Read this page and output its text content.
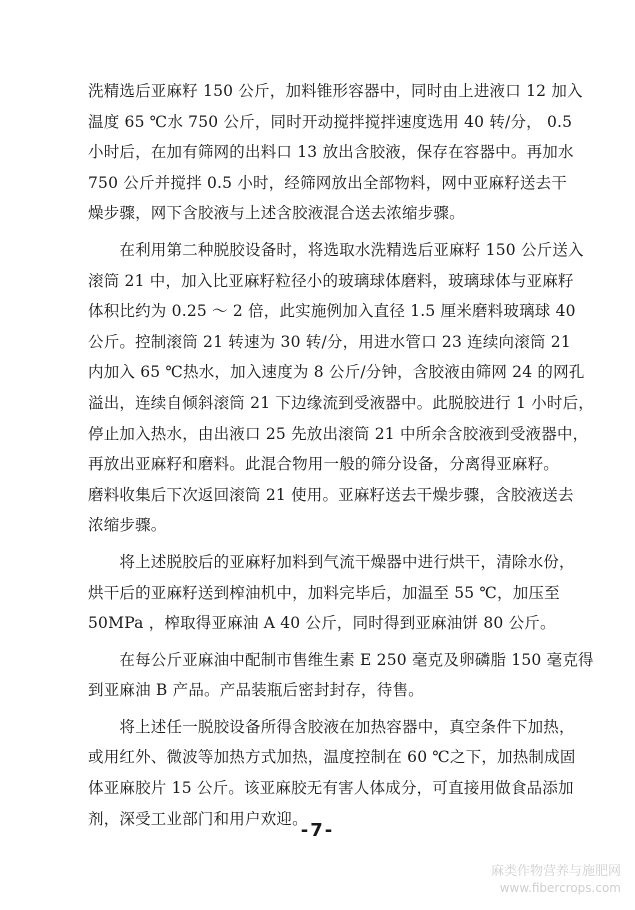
洗精选后亚麻籽 150 公斤，加料锥形容器中，同时由上进液口 12 加入
温度 65 ℃水 750 公斤，同时开动搅拌搅拌速度选用 40 转/分， 0.5
小时后，在加有筛网的出料口 13 放出含胶液，保存在容器中。再加水
750 公斤并搅拌 0.5 小时，经筛网放出全部物料，网中亚麻籽送去干
燥步骤，网下含胶液与上述含胶液混合送去浓缩步骤。
　　在利用第二种脱胶设备时，将选取水洗精选后亚麻籽 150 公斤送入
滚筒 21 中，加入比亚麻籽粒径小的玻璃球体磨料，玻璃球体与亚麻籽
体积比约为 0.25 ～ 2 倍，此实施例加入直径 1.5 厘米磨料玻璃球 40
公斤。控制滚筒 21 转速为 30 转/分，用进水管口 23 连续向滚筒 21
内加入 65 ℃热水，加入速度为 8 公斤/分钟，含胶液由筛网 24 的网孔
溢出，连续自倾斜滚筒 21 下边缘流到受液器中。此脱胶进行 1 小时后，
停止加入热水，由出液口 25 先放出滚筒 21 中所余含胶液到受液器中，
再放出亚麻籽和磨料。此混合物用一般的筛分设备，分离得亚麻籽。
磨料收集后下次返回滚筒 21 使用。亚麻籽送去干燥步骤，含胶液送去
浓缩步骤。
　　将上述脱胶后的亚麻籽加料到气流干燥器中进行烘干，清除水份，
烘干后的亚麻籽送到榨油机中，加料完毕后，加温至 55 ℃，加压至
50MPa ，榨取得亚麻油 A 40 公斤，同时得到亚麻油饼 80 公斤。
　　在每公斤亚麻油中配制市售维生素 E 250 毫克及卵磷脂 150 毫克得
到亚麻油 B 产品。产品装瓶后密封封存，待售。
　　将上述任一脱胶设备所得含胶液在加热容器中，真空条件下加热，
或用红外、微波等加热方式加热，温度控制在 60 ℃之下，加热制成固
体亚麻胶片 15 公斤。该亚麻胶无有害人体成分，可直接用做食品添加
剂，深受工业部门和用户欢迎。
-7-
麻类作物营养与施肥网
www.fibercrops.com
